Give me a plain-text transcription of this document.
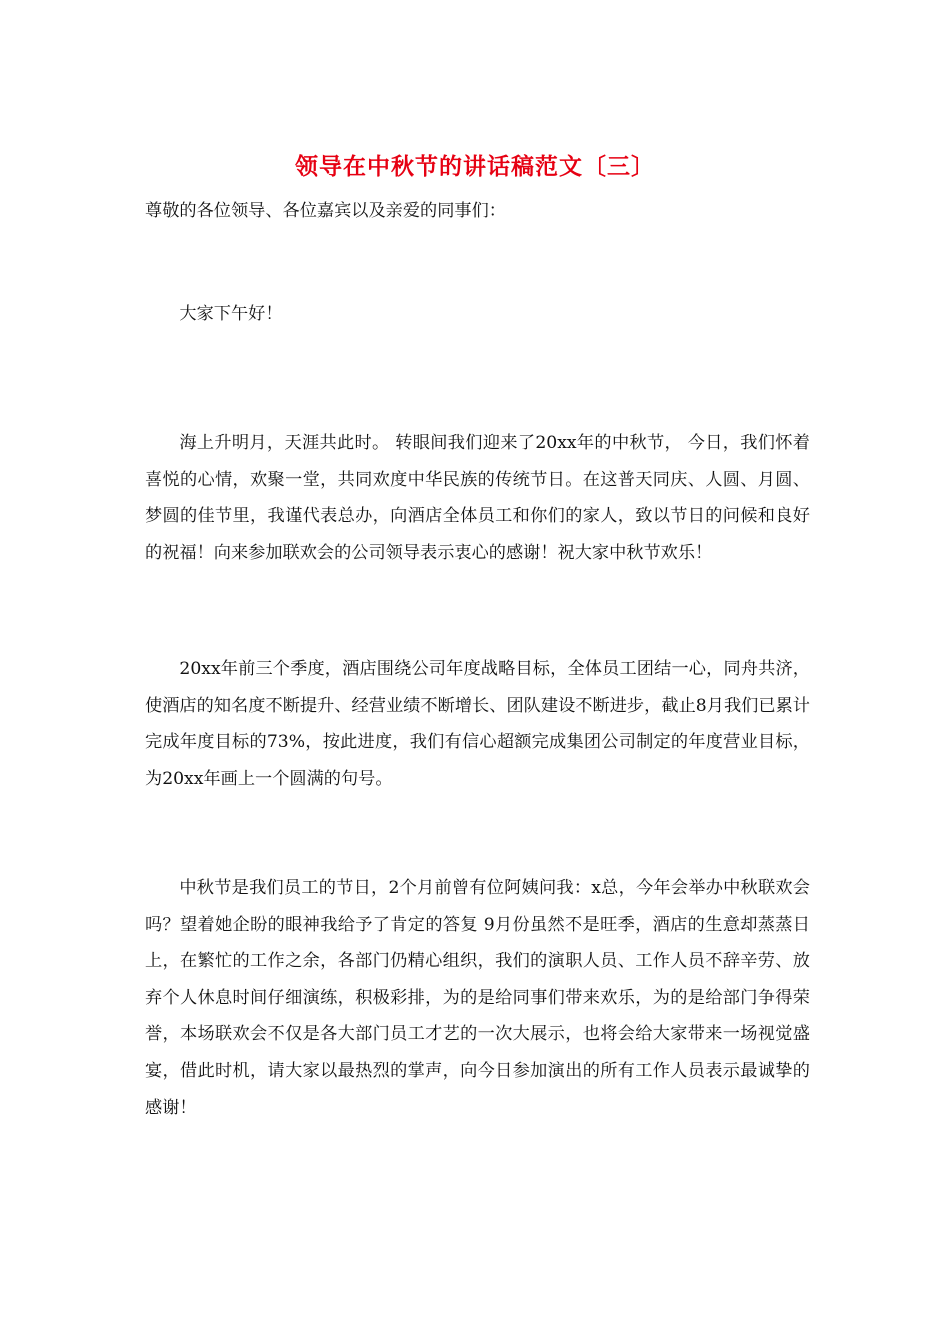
领导在中秋节的讲话稿范文〔三〕
尊敬的各位领导、各位嘉宾以及亲爱的同事们：
大家下午好！
海上升明月，天涯共此时。 转眼间我们迎来了20xx年的中秋节， 今日，我们怀着喜悦的心情，欢聚一堂，共同欢度中华民族的传统节日。在这普天同庆、人圆、月圆、梦圆的佳节里，我谨代表总办，向酒店全体员工和你们的家人，致以节日的问候和良好的祝福！向来参加联欢会的公司领导表示衷心的感谢！祝大家中秋节欢乐！
20xx年前三个季度，酒店围绕公司年度战略目标，全体员工团结一心，同舟共济，使酒店的知名度不断提升、经营业绩不断增长、团队建设不断进步，截止8月我们已累计完成年度目标的73%，按此进度，我们有信心超额完成集团公司制定的年度营业目标，为20xx年画上一个圆满的句号。
中秋节是我们员工的节日，2个月前曾有位阿姨问我：x总，今年会举办中秋联欢会吗？望着她企盼的眼神我给予了肯定的答复 9月份虽然不是旺季，酒店的生意却蒸蒸日上，在繁忙的工作之余，各部门仍精心组织，我们的演职人员、工作人员不辞辛劳、放弃个人休息时间仔细演练，积极彩排，为的是给同事们带来欢乐，为的是给部门争得荣誉，本场联欢会不仅是各大部门员工才艺的一次大展示，也将会给大家带来一场视觉盛宴，借此时机，请大家以最热烈的掌声，向今日参加演出的所有工作人员表示最诚挚的感谢！
